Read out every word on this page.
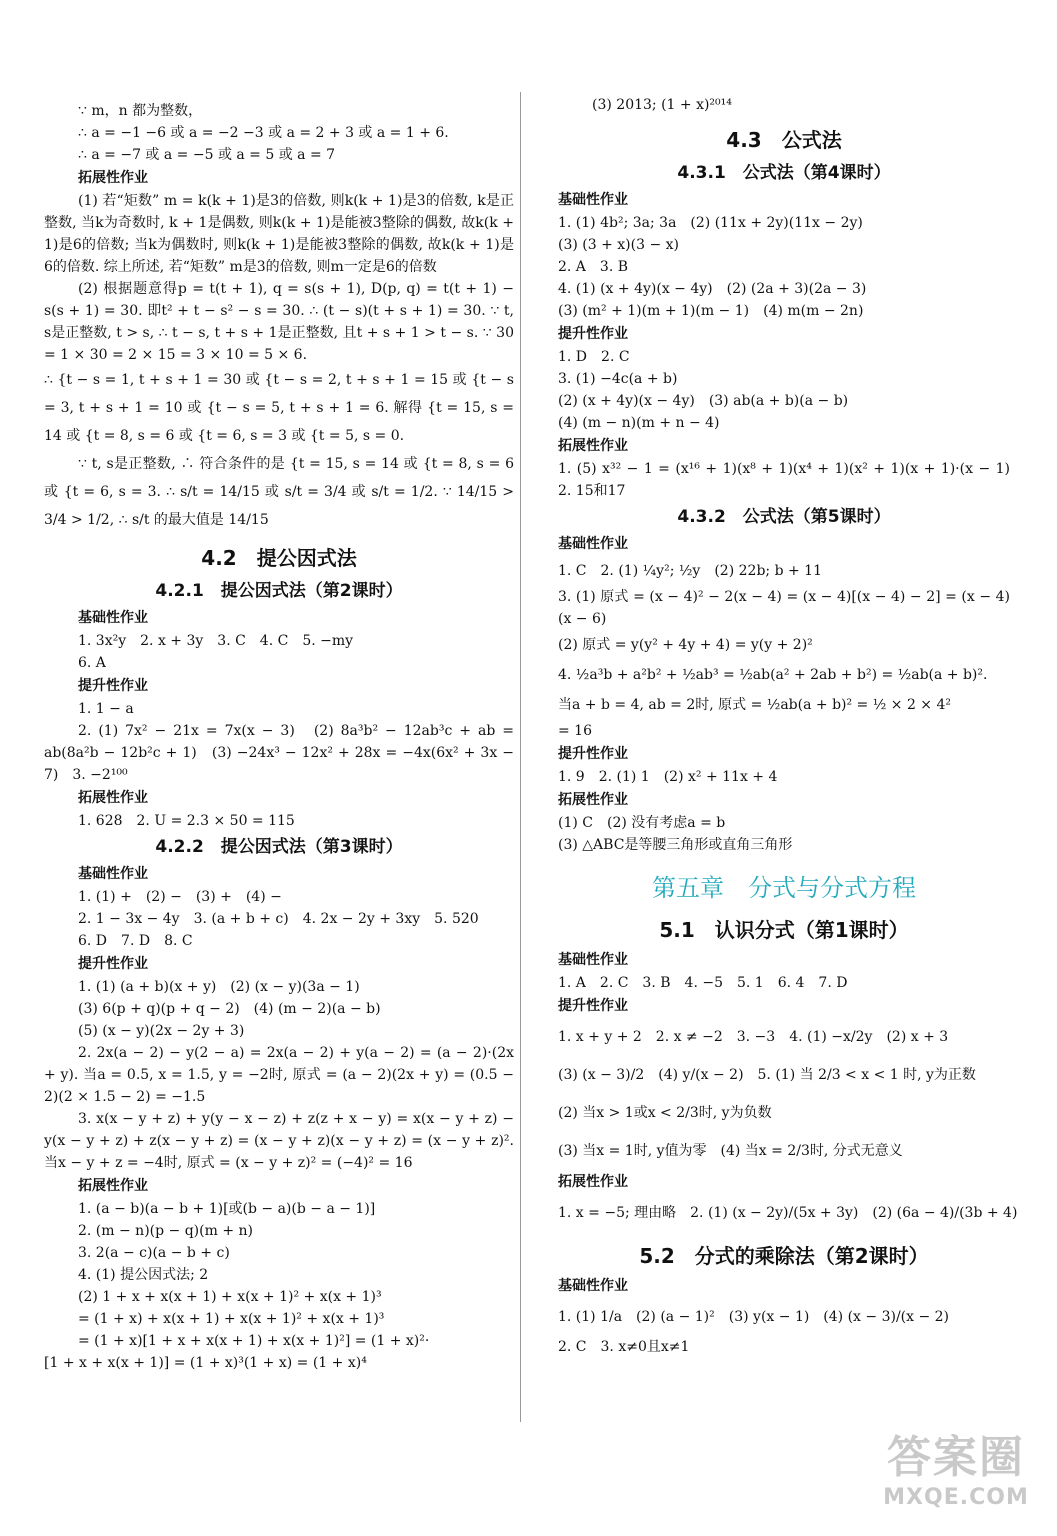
∵ m，n 都为整数，
∴ a = −1 −6 或 a = −2 −3 或 a = 2 + 3 或 a = 1 + 6.
∴ a = −7 或 a = −5 或 a = 5 或 a = 7
拓展性作业
(1) 若“矩数” m = k(k + 1)是3的倍数, 则k(k + 1)是3的倍数, k是正整数, 当k为奇数时, k + 1是偶数, 则k(k + 1)是能被3整除的偶数, 故k(k + 1)是6的倍数; 当k为偶数时, 则k(k + 1)是能被3整除的偶数, 故k(k + 1)是6的倍数. 综上所述, 若“矩数” m是3的倍数, 则m一定是6的倍数
(2) 根据题意得p = t(t + 1), q = s(s + 1), D(p, q) = t(t + 1) − s(s + 1) = 30. 即t² + t − s² − s = 30. ∴ (t − s)(t + s + 1) = 30. ∵ t, s是正整数, t > s, ∴ t − s, t + s + 1是正整数, 且t + s + 1 > t − s. ∵ 30 = 1 × 30 = 2 × 15 = 3 × 10 = 5 × 6.
∴ {t − s = 1, t + s + 1 = 30 或 {t − s = 2, t + s + 1 = 15 或 {t − s = 3, t + s + 1 = 10 或 {t − s = 5, t + s + 1 = 6. 解得 {t = 15, s = 14 或 {t = 8, s = 6 或 {t = 6, s = 3 或 {t = 5, s = 0.
∵ t, s是正整数, ∴ 符合条件的是 {t = 15, s = 14 或 {t = 8, s = 6 或 {t = 6, s = 3. ∴ s/t = 14/15 或 s/t = 3/4 或 s/t = 1/2. ∵ 14/15 > 3/4 > 1/2, ∴ s/t 的最大值是 14/15
4.2　提公因式法
4.2.1　提公因式法（第2课时）
基础性作业
1. 3x²y　2. x + 3y　3. C　4. C　5. −my
6. A
提升性作业
1. 1 − a
2. (1) 7x² − 21x = 7x(x − 3)　(2) 8a³b² − 12ab³c + ab = ab(8a²b − 12b²c + 1)　(3) −24x³ − 12x² + 28x = −4x(6x² + 3x − 7)　3. −2¹⁰⁰
拓展性作业
1. 628　2. U = 2.3 × 50 = 115
4.2.2　提公因式法（第3课时）
基础性作业
1. (1) +　(2) −　(3) +　(4) −
2. 1 − 3x − 4y　3. (a + b + c)　4. 2x − 2y + 3xy　5. 520
6. D　7. D　8. C
提升性作业
1. (1) (a + b)(x + y)　(2) (x − y)(3a − 1)
(3) 6(p + q)(p + q − 2)　(4) (m − 2)(a − b)
(5) (x − y)(2x − 2y + 3)
2. 2x(a − 2) − y(2 − a) = 2x(a − 2) + y(a − 2) = (a − 2)·(2x + y). 当a = 0.5, x = 1.5, y = −2时, 原式 = (a − 2)(2x + y) = (0.5 − 2)(2 × 1.5 − 2) = −1.5
3. x(x − y + z) + y(y − x − z) + z(z + x − y) = x(x − y + z) − y(x − y + z) + z(x − y + z) = (x − y + z)(x − y + z) = (x − y + z)². 当x − y + z = −4时, 原式 = (x − y + z)² = (−4)² = 16
拓展性作业
1. (a − b)(a − b + 1)[或(b − a)(b − a − 1)]
2. (m − n)(p − q)(m + n)
3. 2(a − c)(a − b + c)
4. (1) 提公因式法; 2
(2) 1 + x + x(x + 1) + x(x + 1)² + x(x + 1)³
= (1 + x) + x(x + 1) + x(x + 1)² + x(x + 1)³
= (1 + x)[1 + x + x(x + 1) + x(x + 1)²] = (1 + x)²·
[1 + x + x(x + 1)] = (1 + x)³(1 + x) = (1 + x)⁴
(3) 2013; (1 + x)²⁰¹⁴
4.3　公式法
4.3.1　公式法（第4课时）
基础性作业
1. (1) 4b²; 3a; 3a　(2) (11x + 2y)(11x − 2y)
(3) (3 + x)(3 − x)
2. A　3. B
4. (1) (x + 4y)(x − 4y)　(2) (2a + 3)(2a − 3)
(3) (m² + 1)(m + 1)(m − 1)　(4) m(m − 2n)
提升性作业
1. D　2. C
3. (1) −4c(a + b)
(2) (x + 4y)(x − 4y)　(3) ab(a + b)(a − b)
(4) (m − n)(m + n − 4)
拓展性作业
1. (5) x³² − 1 = (x¹⁶ + 1)(x⁸ + 1)(x⁴ + 1)(x² + 1)(x + 1)·(x − 1)　2. 15和17
4.3.2　公式法（第5课时）
基础性作业
1. C　2. (1) ¼y²; ½y　(2) 22b; b + 11
3. (1) 原式 = (x − 4)² − 2(x − 4) = (x − 4)[(x − 4) − 2] = (x − 4)(x − 6)
(2) 原式 = y(y² + 4y + 4) = y(y + 2)²
4. ½a³b + a²b² + ½ab³ = ½ab(a² + 2ab + b²) = ½ab(a + b)².
当a + b = 4, ab = 2时, 原式 = ½ab(a + b)² = ½ × 2 × 4²
= 16
提升性作业
1. 9　2. (1) 1　(2) x² + 11x + 4
拓展性作业
(1) C　(2) 没有考虑a = b
(3) △ABC是等腰三角形或直角三角形
第五章　分式与分式方程
5.1　认识分式（第1课时）
基础性作业
1. A　2. C　3. B　4. −5　5. 1　6. 4　7. D
提升性作业
1. x + y + 2　2. x ≠ −2　3. −3　4. (1) −x/2y　(2) x + 3
(3) (x − 3)/2　(4) y/(x − 2)　5. (1) 当 2/3 < x < 1 时, y为正数
(2) 当x > 1或x < 2/3时, y为负数
(3) 当x = 1时, y值为零　(4) 当x = 2/3时, 分式无意义
拓展性作业
1. x = −5; 理由略　2. (1) (x − 2y)/(5x + 3y)　(2) (6a − 4)/(3b + 4)
5.2　分式的乘除法（第2课时）
基础性作业
1. (1) 1/a　(2) (a − 1)²　(3) y(x − 1)　(4) (x − 3)/(x − 2)
2. C　3. x≠0且x≠1
答案圈
MXQE.COM
